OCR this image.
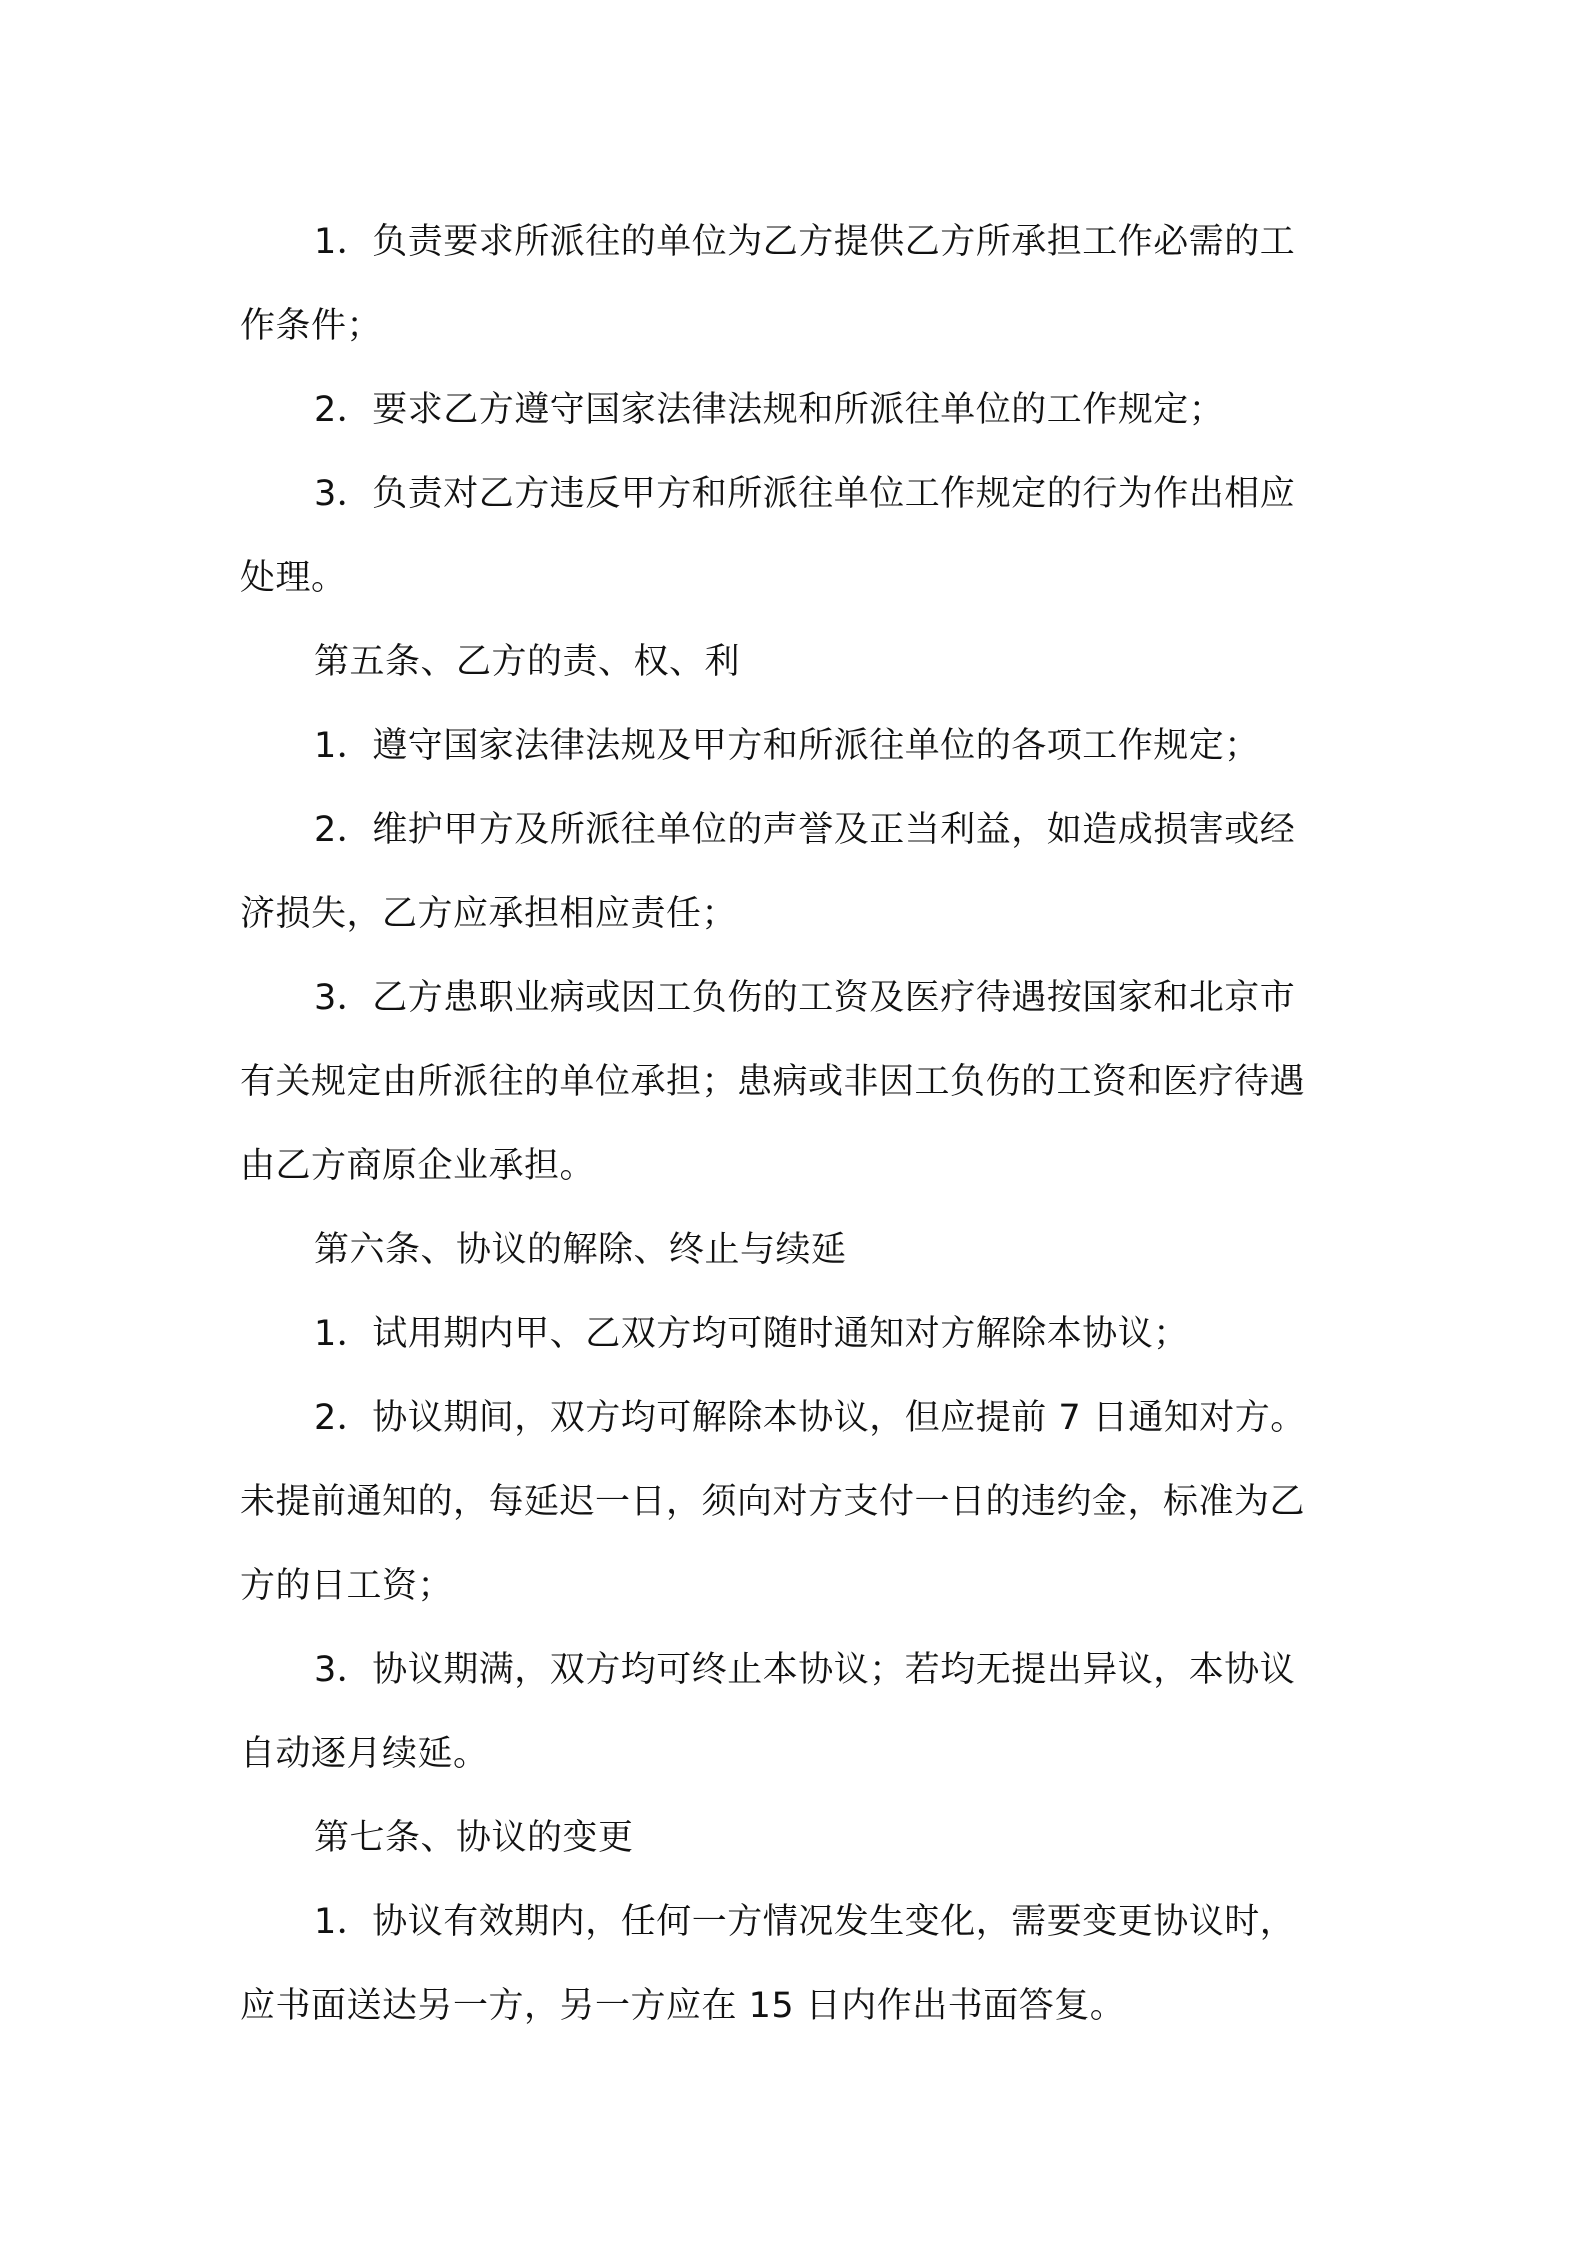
1．负责要求所派往的单位为乙方提供乙方所承担工作必需的工
作条件；
2．要求乙方遵守国家法律法规和所派往单位的工作规定；
3．负责对乙方违反甲方和所派往单位工作规定的行为作出相应
处理。
第五条、乙方的责、权、利
1．遵守国家法律法规及甲方和所派往单位的各项工作规定；
2．维护甲方及所派往单位的声誉及正当利益，如造成损害或经
济损失，乙方应承担相应责任；
3．乙方患职业病或因工负伤的工资及医疗待遇按国家和北京市
有关规定由所派往的单位承担；患病或非因工负伤的工资和医疗待遇
由乙方商原企业承担。
第六条、协议的解除、终止与续延
1．试用期内甲、乙双方均可随时通知对方解除本协议；
2．协议期间，双方均可解除本协议，但应提前 7 日通知对方。
未提前通知的，每延迟一日，须向对方支付一日的违约金，标准为乙
方的日工资；
3．协议期满，双方均可终止本协议；若均无提出异议，本协议
自动逐月续延。
第七条、协议的变更
1．协议有效期内，任何一方情况发生变化，需要变更协议时，
应书面送达另一方，另一方应在 15 日内作出书面答复。
